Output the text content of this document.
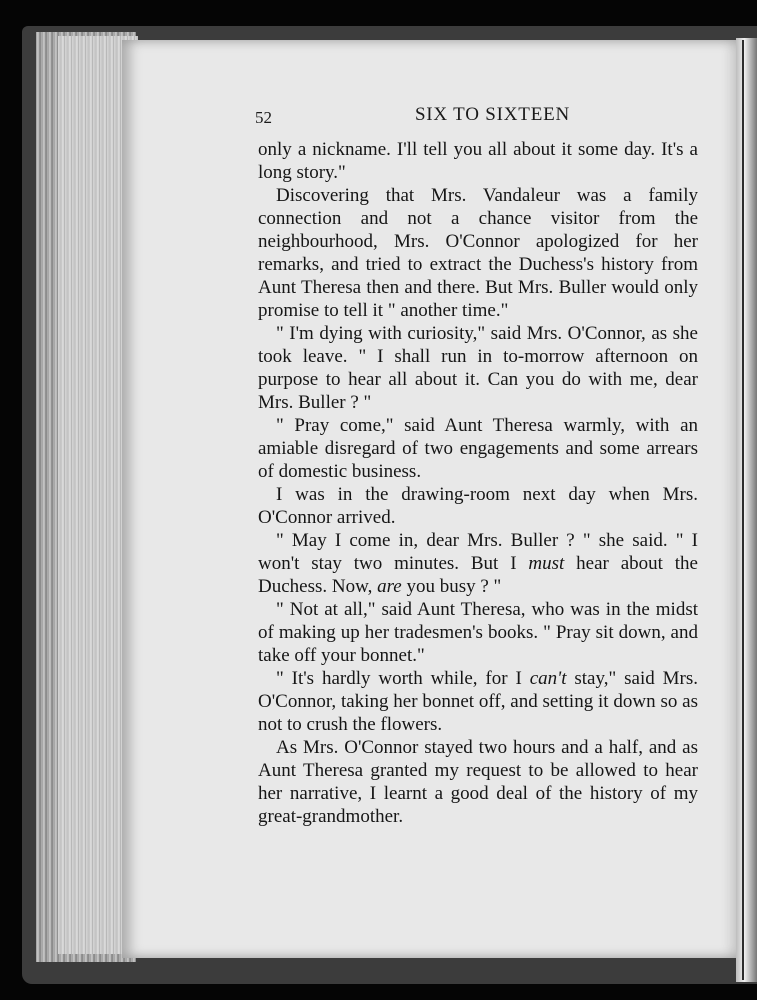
52	SIX TO SIXTEEN

only a nickname. I'll tell you all about it some day. It's a long story."

Discovering that Mrs. Vandaleur was a family connection and not a chance visitor from the neighbourhood, Mrs. O'Connor apologized for her remarks, and tried to extract the Duchess's history from Aunt Theresa then and there. But Mrs. Buller would only promise to tell it " another time."

" I'm dying with curiosity," said Mrs. O'Connor, as she took leave. " I shall run in to-morrow afternoon on purpose to hear all about it. Can you do with me, dear Mrs. Buller ? "

" Pray come," said Aunt Theresa warmly, with an amiable disregard of two engagements and some arrears of domestic business.

I was in the drawing-room next day when Mrs. O'Connor arrived.

" May I come in, dear Mrs. Buller ? " she said. " I won't stay two minutes. But I must hear about the Duchess. Now, are you busy ? "

" Not at all," said Aunt Theresa, who was in the midst of making up her tradesmen's books. " Pray sit down, and take off your bonnet."

" It's hardly worth while, for I can't stay," said Mrs. O'Connor, taking her bonnet off, and setting it down so as not to crush the flowers.

As Mrs. O'Connor stayed two hours and a half, and as Aunt Theresa granted my request to be allowed to hear her narrative, I learnt a good deal of the history of my great-grandmother.
